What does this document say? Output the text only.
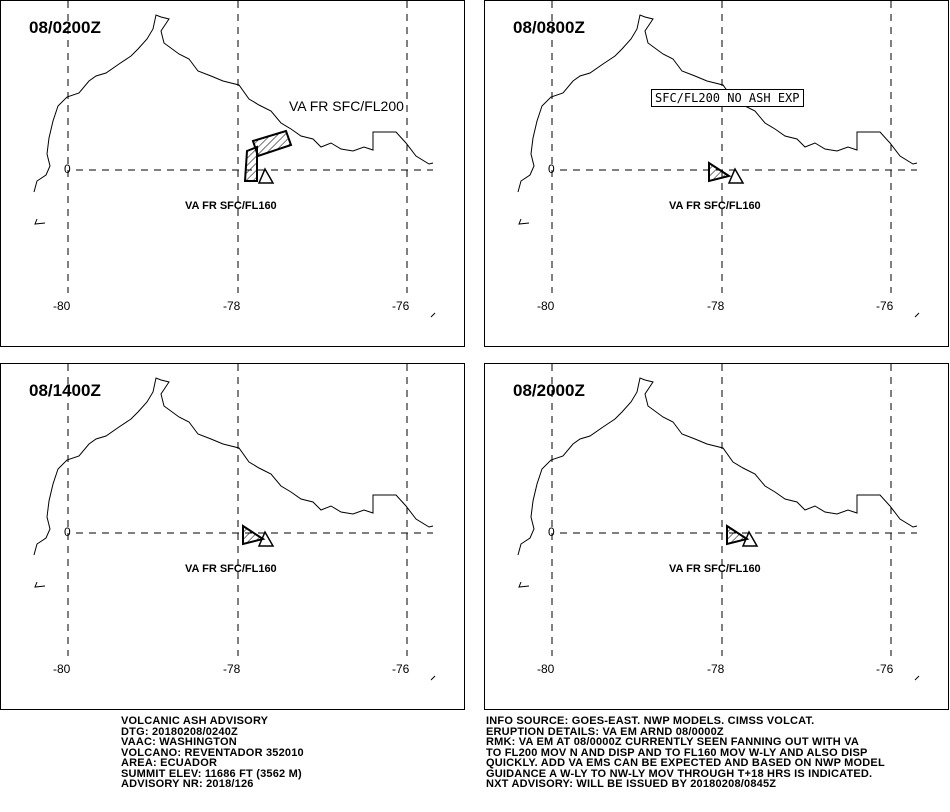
08/0200Z
VA FR SFC/FL200
VA FR SFC/FL160
-80	-78	-76
0
08/0800Z
SFC/FL200 NO ASH EXP
VA FR SFC/FL160
-80	-78	-76
0
08/1400Z
VA FR SFC/FL160
-80	-78	-76
0
08/2000Z
VA FR SFC/FL160
-80	-78	-76
0
VOLCANIC ASH ADVISORY
DTG: 20180208/0240Z
VAAC: WASHINGTON
VOLCANO: REVENTADOR 352010
AREA: ECUADOR
SUMMIT ELEV: 11686 FT (3562 M)
ADVISORY NR: 2018/126
INFO SOURCE: GOES-EAST. NWP MODELS. CIMSS VOLCAT.
ERUPTION DETAILS: VA EM ARND 08/0000Z
RMK: VA EM AT 08/0000Z CURRENTLY SEEN FANNING OUT WITH VA
TO FL200 MOV N AND DISP AND TO FL160 MOV W-LY AND ALSO DISP
QUICKLY. ADD VA EMS CAN BE EXPECTED AND BASED ON NWP MODEL
GUIDANCE A W-LY TO NW-LY MOV THROUGH T+18 HRS IS INDICATED.
NXT ADVISORY: WILL BE ISSUED BY 20180208/0845Z
